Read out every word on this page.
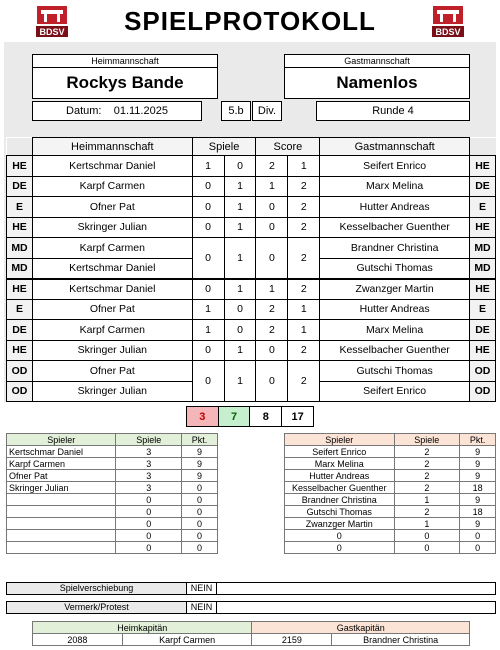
BDSV	BDSV
SPIELPROTOKOLL
Heimmannschaft
Rockys Bande
Gastmannschaft
Namenlos
Datum: 01.11.2025	5.b	Div.	Runde 4
	Heimmannschaft	Spiele		Score		Gastmannschaft	
HE	Kertschmar Daniel	1	0	2	1	Seifert Enrico	HE
DE	Karpf Carmen	0	1	1	2	Marx Melina	DE
E	Ofner Pat	0	1	0	2	Hutter Andreas	E
HE	Skringer Julian	0	1	0	2	Kesselbacher Guenther	HE
MD	Karpf Carmen	0	1	0	2	Brandner Christina	MD
MD	Kertschmar Daniel					Gutschi Thomas	MD
HE	Kertschmar Daniel	0	1	1	2	Zwanzger Martin	HE
E	Ofner Pat	1	0	2	1	Hutter Andreas	E
DE	Karpf Carmen	1	0	2	1	Marx Melina	DE
HE	Skringer Julian	0	1	0	2	Kesselbacher Guenther	HE
OD	Ofner Pat	0	1	0	2	Gutschi Thomas	OD
OD	Skringer Julian					Seifert Enrico	OD
3	7	8	17
Spieler	Spiele	Pkt.
Kertschmar Daniel	3	9
Karpf Carmen	3	9
Ofner Pat	3	9
Skringer Julian	3	0
	0	0
	0	0
	0	0
	0	0
	0	0
Spieler	Spiele	Pkt.
Seifert Enrico	2	9
Marx Melina	2	9
Hutter Andreas	2	9
Kesselbacher Guenther	2	18
Brandner Christina	1	9
Gutschi Thomas	2	18
Zwanzger Martin	1	9
0	0	0
0	0	0
Spielverschiebung	NEIN
Vermerk/Protest	NEIN
Heimkapitän		Gastkapitän	
2088	Karpf Carmen	2159	Brandner Christina
